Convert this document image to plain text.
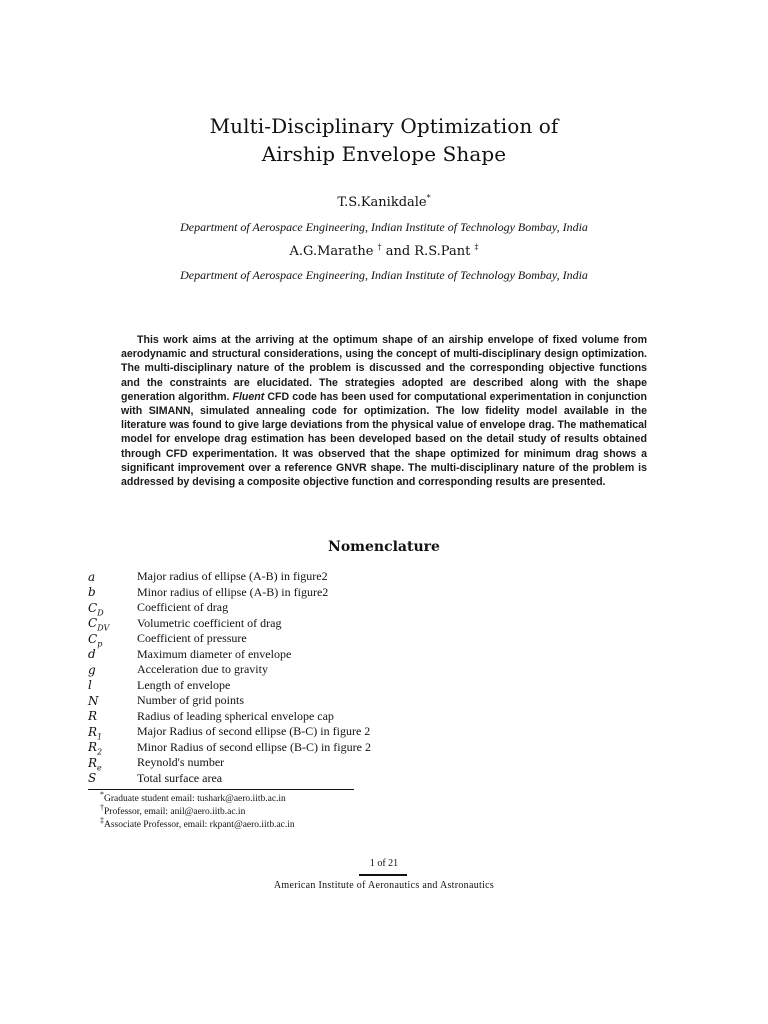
Multi-Disciplinary Optimization of
Airship Envelope Shape
T.S.Kanikdale*
Department of Aerospace Engineering, Indian Institute of Technology Bombay, India
A.G.Marathe † and R.S.Pant ‡
Department of Aerospace Engineering, Indian Institute of Technology Bombay, India
This work aims at the arriving at the optimum shape of an airship envelope of fixed volume from aerodynamic and structural considerations, using the concept of multi-disciplinary design optimization. The multi-disciplinary nature of the problem is discussed and the corresponding objective functions and the constraints are elucidated. The strategies adopted are described along with the shape generation algorithm. Fluent CFD code has been used for computational experimentation in conjunction with SIMANN, simulated annealing code for optimization. The low fidelity model available in the literature was found to give large deviations from the physical value of envelope drag. The mathematical model for envelope drag estimation has been developed based on the detail study of results obtained through CFD experimentation. It was observed that the shape optimized for minimum drag shows a significant improvement over a reference GNVR shape. The multi-disciplinary nature of the problem is addressed by devising a composite objective function and corresponding results are presented.
Nomenclature
a	Major radius of ellipse (A-B) in figure2
b	Minor radius of ellipse (A-B) in figure2
$C_D$	Coefficient of drag
$C_{DV}$	Volumetric coefficient of drag
$C_p$	Coefficient of pressure
d	Maximum diameter of envelope
g	Acceleration due to gravity
l	Length of envelope
N	Number of grid points
R	Radius of leading spherical envelope cap
$R_1$	Major Radius of second ellipse (B-C) in figure 2
$R_2$	Minor Radius of second ellipse (B-C) in figure 2
$R_e$	Reynold's number
S	Total surface area
*Graduate student email: tushark@aero.iitb.ac.in
†Professor, email: anil@aero.iitb.ac.in
‡Associate Professor, email: rkpant@aero.iitb.ac.in
1 of 21
American Institute of Aeronautics and Astronautics
